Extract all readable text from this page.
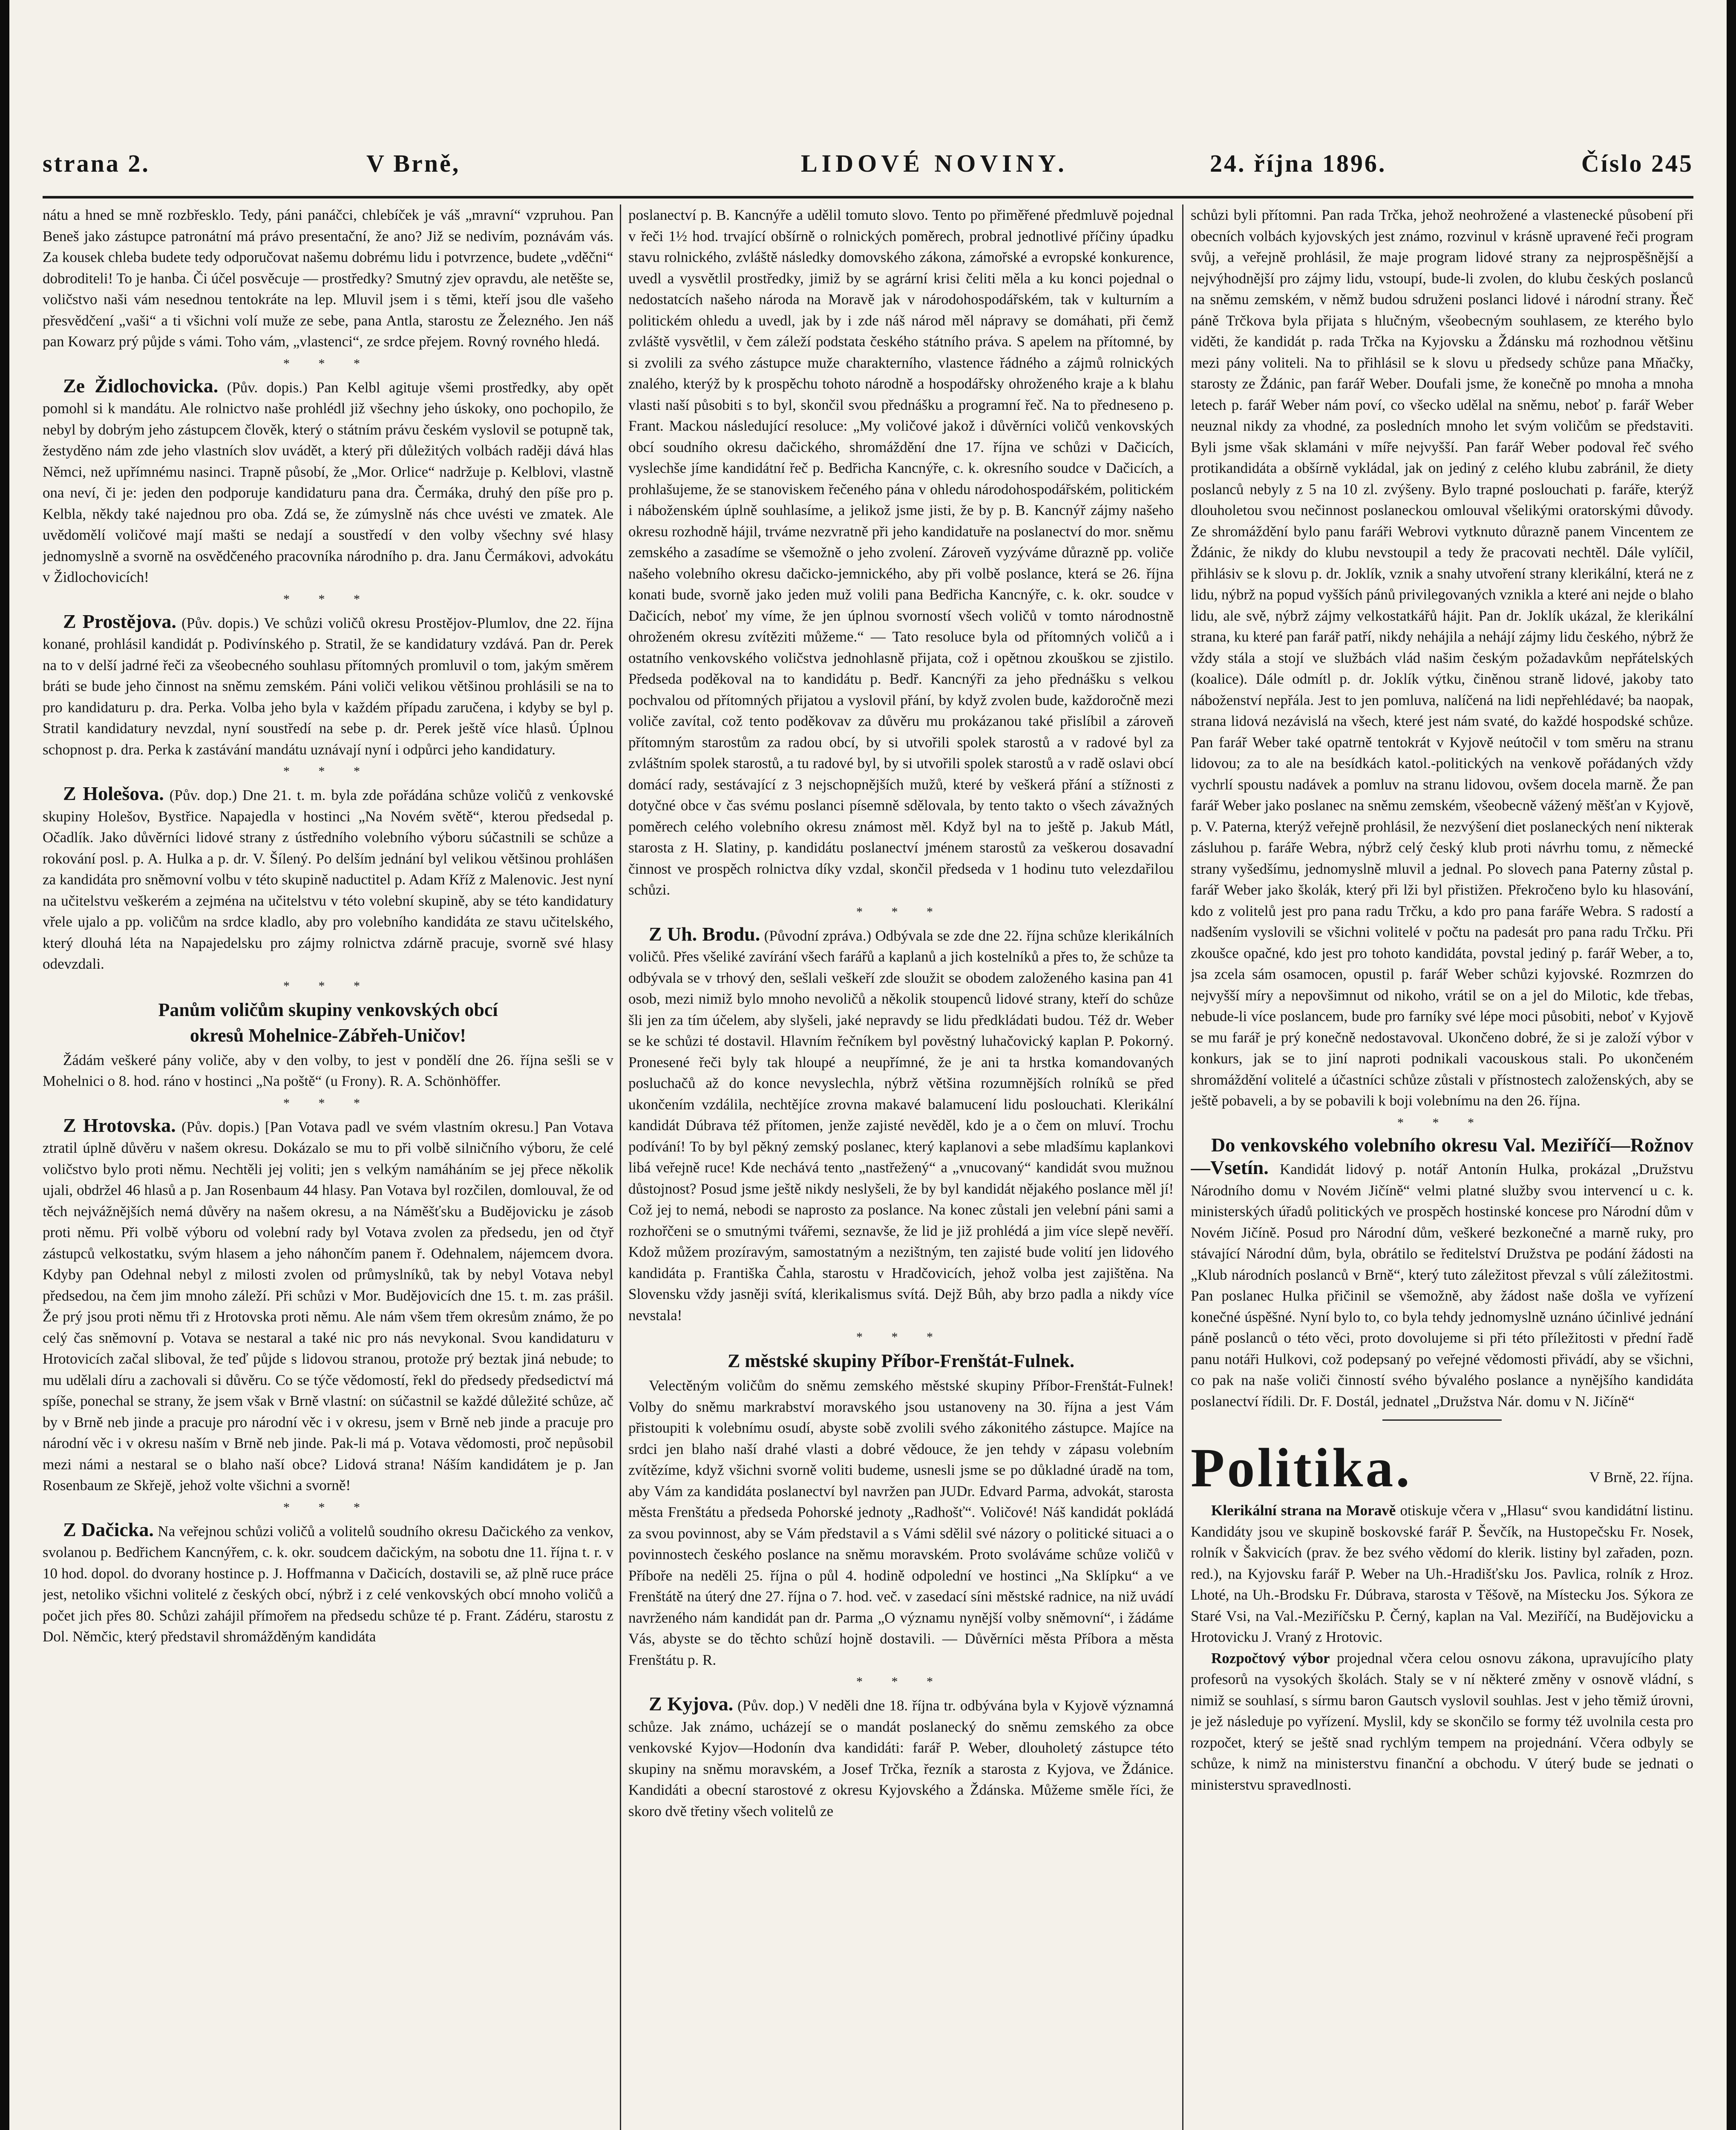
strana 2.	V Brně,	LIDOVÉ NOVINY.	24. října 1896.	Číslo 245

nátu a hned se mně rozbřesklo. Tedy, páni panáčci, chlebíček je váš „mravní“ vzpruhou. Pan Beneš jako zástupce patronátní má právo presentační, že ano? Již se nedivím, poznávám vás. Za kousek chleba budete tedy odporučovat našemu dobrému lidu i potvrzence, budete „vděčni“ dobroditeli! To je hanba. Či účel posvěcuje — prostředky? Smutný zjev opravdu, ale netěšte se, voličstvo naši vám nesednou tentokráte na lep. Mluvil jsem i s těmi, kteří jsou dle vašeho přesvědčení „vaši“ a ti všichni volí muže ze sebe, pana Antla, starostu ze Železného. Jen náš pan Kowarz prý půjde s vámi. Toho vám, „vlastenci“, ze srdce přejem. Rovný rovného hledá.

* * *

Ze Židlochovicka. (Pův. dopis.) Pan Kelbl agituje všemi prostředky, aby opět pomohl si k mandátu. Ale rolnictvo naše prohlédl již všechny jeho úskoky, ono pochopilo, že nebyl by dobrým jeho zástupcem člověk, který o státním právu českém vyslovil se potupně tak, žestyděno nám zde jeho vlastních slov uvádět, a který při důležitých volbách raději dává hlas Němci, než upřímnému nasinci. Trapně působí, že „Mor. Orlice“ nadržuje p. Kelblovi, vlastně ona neví, či je: jeden den podporuje kandidaturu pana dra. Čermáka, druhý den píše pro p. Kelbla, někdy také najednou pro oba. Zdá se, že zúmyslně nás chce uvésti ve zmatek. Ale uvědomělí voličové mají mašti se nedají a soustředí v den volby všechny své hlasy jednomyslně a svorně na osvědčeného pracovníka národního p. dra. Janu Čermákovi, advokátu v Židlochovicích!

* * *

Z Prostějova. (Pův. dopis.) Ve schůzi voličů okresu Prostějov-Plumlov, dne 22. října konané, prohlásil kandidát p. Podivínského p. Stratil, že se kandidatury vzdává. Pan dr. Perek na to v delší jadrné řeči za všeobecného souhlasu přítomných promluvil o tom, jakým směrem bráti se bude jeho činnost na sněmu zemském. Páni voliči velikou většinou prohlásili se na to pro kandidaturu p. dra. Perka. Volba jeho byla v každém případu zaručena, i kdyby se byl p. Stratil kandidatury nevzdal, nyní soustředí na sebe p. dr. Perek ještě více hlasů. Úplnou schopnost p. dra. Perka k zastávání mandátu uznávají nyní i odpůrci jeho kandidatury.

* * *

Z Holešova. (Pův. dop.) Dne 21. t. m. byla zde pořádána schůze voličů z venkovské skupiny Holešov, Bystřice. Napajedla v hostinci „Na Novém světě“, kterou předsedal p. Očadlík. Jako důvěrníci lidové strany z ústředního volebního výboru súčastnili se schůze a rokování posl. p. A. Hulka a p. dr. V. Šílený. Po delším jednání byl velikou většinou prohlášen za kandidáta pro sněmovní volbu v této skupině naductitel p. Adam Kříž z Malenovic. Jest nyní na učitelstvu veškerém a zejména na učitelstvu v této volební skupině, aby se této kandidatury vřele ujalo a pp. voličům na srdce kladlo, aby pro volebního kandidáta ze stavu učitelského, který dlouhá léta na Napajedelsku pro zájmy rolnictva zdárně pracuje, svorně své hlasy odevzdali.

* * *
Panům voličům skupiny venkovských obcí
okresů Mohelnice-Zábřeh-Uničov!

Žádám veškeré pány voliče, aby v den volby, to jest v pondělí dne 26. října sešli se v Mohelnici o 8. hod. ráno v hostinci „Na poště“ (u Frony). R. A. Schönhöffer.

* * *

Z Hrotovska. (Pův. dopis.) [Pan Votava padl ve svém vlastním okresu.] Pan Votava ztratil úplně důvěru v našem okresu. Dokázalo se mu to při volbě silničního výboru, že celé voličstvo bylo proti němu. Nechtěli jej voliti; jen s velkým namáháním se jej přece několik ujali, obdržel 46 hlasů a p. Jan Rosenbaum 44 hlasy. Pan Votava byl rozčilen, domlouval, že od těch nejvážnějších nemá důvěry na našem okresu, a na Náměšťsku a Budějovicku je zásob proti němu. Při volbě výboru od volební rady byl Votava zvolen za předsedu, jen od čtyř zástupců velkostatku, svým hlasem a jeho náhončím panem ř. Odehnalem, nájemcem dvora. Kdyby pan Odehnal nebyl z milosti zvolen od průmyslníků, tak by nebyl Votava nebyl předsedou, na čem jim mnoho záleží. Při schůzi v Mor. Budějovicích dne 15. t. m. zas prášil. Že prý jsou proti němu tři z Hrotovska proti němu. Ale nám všem třem okresům známo, že po celý čas sněmovní p. Votava se nestaral a také nic pro nás nevykonal. Svou kandidaturu v Hrotovicích začal sliboval, že teď půjde s lidovou stranou, protože prý beztak jiná nebude; to mu udělali díru a zachovali si důvěru. Co se týče vědomostí, řekl do předsedy předsedictví má spíše, ponechal se strany, že jsem však v Brně vlastní: on súčastnil se každé důležité schůze, ač by v Brně neb jinde a pracuje pro národní věc i v okresu, jsem v Brně neb jinde a pracuje pro národní věc i v okresu naším v Brně neb jinde. Pak-li má p. Votava vědomosti, proč nepůsobil mezi námi a nestaral se o blaho naší obce? Lidová strana! Náším kandidátem je p. Jan Rosenbaum ze Skřejě, jehož volte všichni a svorně!

* * *

Z Dačicka. Na veřejnou schůzi voličů a volitelů soudního okresu Dačického za venkov, svolanou p. Bedřichem Kancnýřem, c. k. okr. soudcem dačickým, na sobotu dne 11. října t. r. v 10 hod. dopol. do dvorany hostince p. J. Hoffmanna v Dačicích, dostavili se, až plně ruce práce jest, netoliko všichni volitelé z českých obcí, nýbrž i z celé venkovských obcí mnoho voličů a počet jich přes 80. Schůzi zahájil přímořem na předsedu schůze té p. Frant. Zádéru, starostu z Dol. Němčic, který představil shromážděným kandidáta

poslanectví p. B. Kancnýře a udělil tomuto slovo. Tento po přiměřené předmluvě pojednal v řeči 1½ hod. trvající obšírně o rolnických poměrech, probral jednotlivé příčiny úpadku stavu rolnického, zvláště následky domovského zákona, zámořské a evropské konkurence, uvedl a vysvětlil prostředky, jimiž by se agrární krisi čeliti měla a ku konci pojednal o nedostatcích našeho národa na Moravě jak v národohospodářském, tak v kulturním a politickém ohledu a uvedl, jak by i zde náš národ měl nápravy se domáhati, při čemž zvláště vysvětlil, v čem záleží podstata českého státního práva. S apelem na přítomné, by si zvolili za svého zástupce muže charakterního, vlastence řádného a zájmů rolnických znalého, kterýž by k prospěchu tohoto národně a hospodářsky ohroženého kraje a k blahu vlasti naší působiti s to byl, skončil svou přednášku a programní řeč. Na to předneseno p. Frant. Mackou následující resoluce: „My voličové jakož i důvěrníci voličů venkovských obcí soudního okresu dačického, shromáždění dne 17. října ve schůzi v Dačicích, vyslechše jíme kandidátní řeč p. Bedřicha Kancnýře, c. k. okresního soudce v Dačicích, a prohlašujeme, že se stanoviskem řečeného pána v ohledu národohospodářském, politickém i náboženském úplně souhlasíme, a jelikož jsme jisti, že by p. B. Kancnýř zájmy našeho okresu rozhodně hájil, trváme nezvratně při jeho kandidatuře na poslanectví do mor. sněmu zemského a zasadíme se všemožně o jeho zvolení. Zároveň vyzýváme důrazně pp. voliče našeho volebního okresu dačicko-jemnického, aby při volbě poslance, která se 26. října konati bude, svorně jako jeden muž volili pana Bedřicha Kancnýře, c. k. okr. soudce v Dačicích, neboť my víme, že jen úplnou svorností všech voličů v tomto národnostně ohroženém okresu zvítěziti můžeme.“ — Tato resoluce byla od přítomných voličů a i ostatního venkovského voličstva jednohlasně přijata, což i opětnou zkouškou se zjistilo. Předseda poděkoval na to kandidátu p. Bedř. Kancnýři za jeho přednášku s velkou pochvalou od přítomných přijatou a vyslovil přání, by když zvolen bude, každoročně mezi voliče zavítal, což tento poděkovav za důvěru mu prokázanou také přislíbil a zároveň přítomným starostům za radou obcí, by si utvořili spolek starostů a v radové byl za zvláštním spolek starostů, a tu radové byl, by si utvořili spolek starostů a v radě oslavi obcí domácí rady, sestávající z 3 nejschopnějších mužů, které by veškerá přání a stížnosti z dotyčné obce v čas svému poslanci písemně sdělovala, by tento takto o všech závažných poměrech celého volebního okresu známost měl. Když byl na to ještě p. Jakub Mátl, starosta z H. Slatiny, p. kandidátu poslanectví jménem starostů za veškerou dosavadní činnost ve prospěch rolnictva díky vzdal, skončil předseda v 1 hodinu tuto velezdařilou schůzi.

* * *

Z Uh. Brodu. (Původní zpráva.) Odbývala se zde dne 22. října schůze klerikálních voličů. Přes všeliké zavírání všech farářů a kaplanů a jich kostelníků a přes to, že schůze ta odbývala se v trhový den, sešlali veškeří zde sloužit se obodem založeného kasina pan 41 osob, mezi nimiž bylo mnoho nevoličů a několik stoupenců lidové strany, kteří do schůze šli jen za tím účelem, aby slyšeli, jaké nepravdy se lidu předkládati budou. Též dr. Weber se ke schůzi té dostavil. Hlavním řečníkem byl pověstný luhačovický kaplan P. Pokorný. Pronesené řeči byly tak hloupé a neupřímné, že je ani ta hrstka komandovaných posluchačů až do konce nevyslechla, nýbrž většina rozumnějších rolníků se před ukončením vzdálila, nechtějíce zrovna makavé balamucení lidu poslouchati. Klerikální kandidát Dúbrava též přítomen, jenže zajisté nevěděl, kdo je a o čem on mluví. Trochu podívání! To by byl pěkný zemský poslanec, který kaplanovi a sebe mladšímu kaplankovi libá veřejně ruce! Kde nechává tento „nastřežený“ a „vnucovaný“ kandidát svou mužnou důstojnost? Posud jsme ještě nikdy neslyšeli, že by byl kandidát nějakého poslance měl jí! Což jej to nemá, nebodi se naprosto za poslance. Na konec zůstali jen velební páni sami a rozhořčeni se o smutnými tvářemi, seznavše, že lid je již prohlédá a jim více slepě nevěří. Kdož můžem prozíravým, samostatným a nezištným, ten zajisté bude volití jen lidového kandidáta p. Františka Čahla, starostu v Hradčovicích, jehož volba jest zajištěna. Na Slovensku vždy jasněji svítá, klerikalismus svítá. Dejž Bůh, aby brzo padla a nikdy více nevstala!

* * *
Z městské skupiny Příbor-Frenštát-Fulnek.

Velectěným voličům do sněmu zemského městské skupiny Příbor-Frenštát-Fulnek! Volby do sněmu markrabství moravského jsou ustanoveny na 30. října a jest Vám přistoupiti k volebnímu osudí, abyste sobě zvolili svého zákonitého zástupce. Majíce na srdci jen blaho naší drahé vlasti a dobré vědouce, že jen tehdy v zápasu volebním zvítězíme, když všichni svorně voliti budeme, usnesli jsme se po důkladné úradě na tom, aby Vám za kandidáta poslanectví byl navržen pan JUDr. Edvard Parma, advokát, starosta města Frenštátu a předseda Pohorské jednoty „Radhošť“. Voličové! Náš kandidát pokládá za svou povinnost, aby se Vám představil a s Vámi sdělil své názory o politické situaci a o povinnostech českého poslance na sněmu moravském. Proto svoláváme schůze voličů v Příboře na neděli 25. října o půl 4. hodině odpolední ve hostinci „Na Sklípku“ a ve Frenštátě na úterý dne 27. října o 7. hod. več. v zasedací síni městské radnice, na niž uvádí navrženého nám kandidát pan dr. Parma „O významu nynější volby sněmovní“, i žádáme Vás, abyste se do těchto schůzí hojně dostavili. — Důvěrníci města Příbora a města Frenštátu p. R.

* * *

Z Kyjova. (Pův. dop.) V neděli dne 18. října tr. odbývána byla v Kyjově významná schůze. Jak známo, ucházejí se o mandát poslanecký do sněmu zemského za obce venkovské Kyjov—Hodonín dva kandidáti: farář P. Weber, dlouholetý zástupce této skupiny na sněmu moravském, a Josef Trčka, řezník a starosta z Kyjova, ve Ždánice. Kandidáti a obecní starostové z okresu Kyjovského a Ždánska. Můžeme směle říci, že skoro dvě třetiny všech volitelů ze

schůzi byli přítomni. Pan rada Trčka, jehož neohrožené a vlastenecké působení při obecních volbách kyjovských jest známo, rozvinul v krásně upravené řeči program svůj, a veřejně prohlásil, že maje program lidové strany za nejprospěšnější a nejvýhodnější pro zájmy lidu, vstoupí, bude-li zvolen, do klubu českých poslanců na sněmu zemském, v němž budou sdruženi poslanci lidové i národní strany. Řeč páně Trčkova byla přijata s hlučným, všeobecným souhlasem, ze kterého bylo viděti, že kandidát p. rada Trčka na Kyjovsku a Ždánsku má rozhodnou většinu mezi pány voliteli. Na to přihlásil se k slovu u předsedy schůze pana Mňačky, starosty ze Ždánic, pan farář Weber. Doufali jsme, že konečně po mnoha a mnoha letech p. farář Weber nám poví, co všecko udělal na sněmu, neboť p. farář Weber neuznal nikdy za vhodné, za posledních mnoho let svým voličům se představiti. Byli jsme však sklamáni v míře nejvyšší. Pan farář Weber podoval řeč svého protikandidáta a obšírně vykládal, jak on jediný z celého klubu zabránil, že diety poslanců nebyly z 5 na 10 zl. zvýšeny. Bylo trapné poslouchati p. faráře, kterýž dlouholetou svou nečinnost poslaneckou omlouval všelikými oratorskými důvody. Ze shromáždění bylo panu faráři Webrovi vytknuto důrazně panem Vincentem ze Ždánic, že nikdy do klubu nevstoupil a tedy že pracovati nechtěl. Dále vylíčil, přihlásiv se k slovu p. dr. Joklík, vznik a snahy utvoření strany klerikální, která ne z lidu, nýbrž na popud vyšších pánů privilegovaných vznikla a které ani nejde o blaho lidu, ale svě, nýbrž zájmy velkostatkářů hájit. Pan dr. Joklík ukázal, že klerikální strana, ku které pan farář patří, nikdy nehájila a nehájí zájmy lidu českého, nýbrž že vždy stála a stojí ve službách vlád našim českým požadavkům nepřátelských (koalice). Dále odmítl p. dr. Joklík výtku, činěnou straně lidové, jakoby tato náboženství nepřála. Jest to jen pomluva, nalíčená na lidi nepřehlédavé; ba naopak, strana lidová nezávislá na všech, které jest nám svaté, do každé hospodské schůze. Pan farář Weber také opatrně tentokrát v Kyjově neútočil v tom směru na stranu lidovou; za to ale na besídkách katol.-politických na venkově pořádaných vždy vychrlí spoustu nadávek a pomluv na stranu lidovou, ovšem docela marně. Že pan farář Weber jako poslanec na sněmu zemském, všeobecně vážený měšťan v Kyjově, p. V. Paterna, kterýž veřejně prohlásil, že nezvýšení diet poslaneckých není nikterak zásluhou p. faráře Webra, nýbrž celý český klub proti návrhu tomu, z německé strany vyšedšímu, jednomyslně mluvil a jednal. Po slovech pana Paterny zůstal p. farář Weber jako školák, který při lži byl přistižen. Překročeno bylo ku hlasování, kdo z volitelů jest pro pana radu Trčku, a kdo pro pana faráře Webra. S radostí a nadšením vyslovili se všichni volitelé v počtu na padesát pro pana radu Trčku. Při zkoušce opačné, kdo jest pro tohoto kandidáta, povstal jediný p. farář Weber, a to, jsa zcela sám osamocen, opustil p. farář Weber schůzi kyjovské. Rozmrzen do nejvyšší míry a nepovšimnut od nikoho, vrátil se on a jel do Milotic, kde třebas, nebude-li více poslancem, bude pro farníky své lépe moci působiti, neboť v Kyjově se mu farář je prý konečně nedostavoval. Ukončeno dobré, že si je založí výbor v konkurs, jak se to jiní naproti podnikali vacouskous stali. Po ukončeném shromáždění volitelé a účastníci schůze zůstali v přístnostech založenských, aby se ještě pobaveli, a by se pobavili k boji volebnímu na den 26. října.

* * *

Do venkovského volebního okresu Val. Meziříčí—Rožnov—Vsetín. Kandidát lidový p. notář Antonín Hulka, prokázal „Družstvu Národního domu v Novém Jičíně“ velmi platné služby svou intervencí u c. k. ministerských úřadů politických ve prospěch hostinské koncese pro Národní dům v Novém Jičíně. Posud pro Národní dům, veškeré bezkonečné a marně ruky, pro stávající Národní dům, byla, obrátilo se ředitelství Družstva pe podání žádosti na „Klub národních poslanců v Brně“, který tuto záležitost převzal s vůlí záležitostmi. Pan poslanec Hulka přičinil se všemožně, aby žádost naše došla ve vyřízení konečné úspěšné. Nyní bylo to, co byla tehdy jednomyslně uznáno účinlivé jednání páně poslanců o této věci, proto dovolujeme si při této příležitosti v přední řadě panu notáři Hulkovi, což podepsaný po veřejné vědomosti přivádí, aby se všichni, co pak na naše voliči činností svého bývalého poslance a nynějšího kandidáta poslanectví řídili. Dr. F. Dostál, jednatel „Družstva Nár. domu v N. Jičíně“

Politika.	V Brně, 22. října.

Klerikální strana na Moravě otiskuje včera v „Hlasu“ svou kandidátní listinu. Kandidáty jsou ve skupině boskovské farář P. Ševčík, na Hustopečsku Fr. Nosek, rolník v Šakvicích (prav. že bez svého vědomí do klerik. listiny byl zařaden, pozn. red.), na Kyjovsku farář P. Weber na Uh.-Hradišťsku Jos. Pavlica, rolník z Hroz. Lhoté, na Uh.-Brodsku Fr. Dúbrava, starosta v Těšově, na Místecku Jos. Sýkora ze Staré Vsi, na Val.-Meziříčsku P. Černý, kaplan na Val. Meziříčí, na Budějovicku a Hrotovicku J. Vraný z Hrotovic.

Rozpočtový výbor projednal včera celou osnovu zákona, upravujícího platy profesorů na vysokých školách. Staly se v ní některé změny v osnově vládní, s nimiž se souhlasí, s sírmu baron Gautsch vyslovil souhlas. Jest v jeho těmiž úrovni, je jež následuje po vyřízení. Myslil, kdy se skončilo se formy též uvolnila cesta pro rozpočet, který se ještě snad rychlým tempem na projednání. Včera odbyly se schůze, k nimž na ministerstvu finanční a obchodu. V úterý bude se jednati o ministerstvu spravedlnosti.
